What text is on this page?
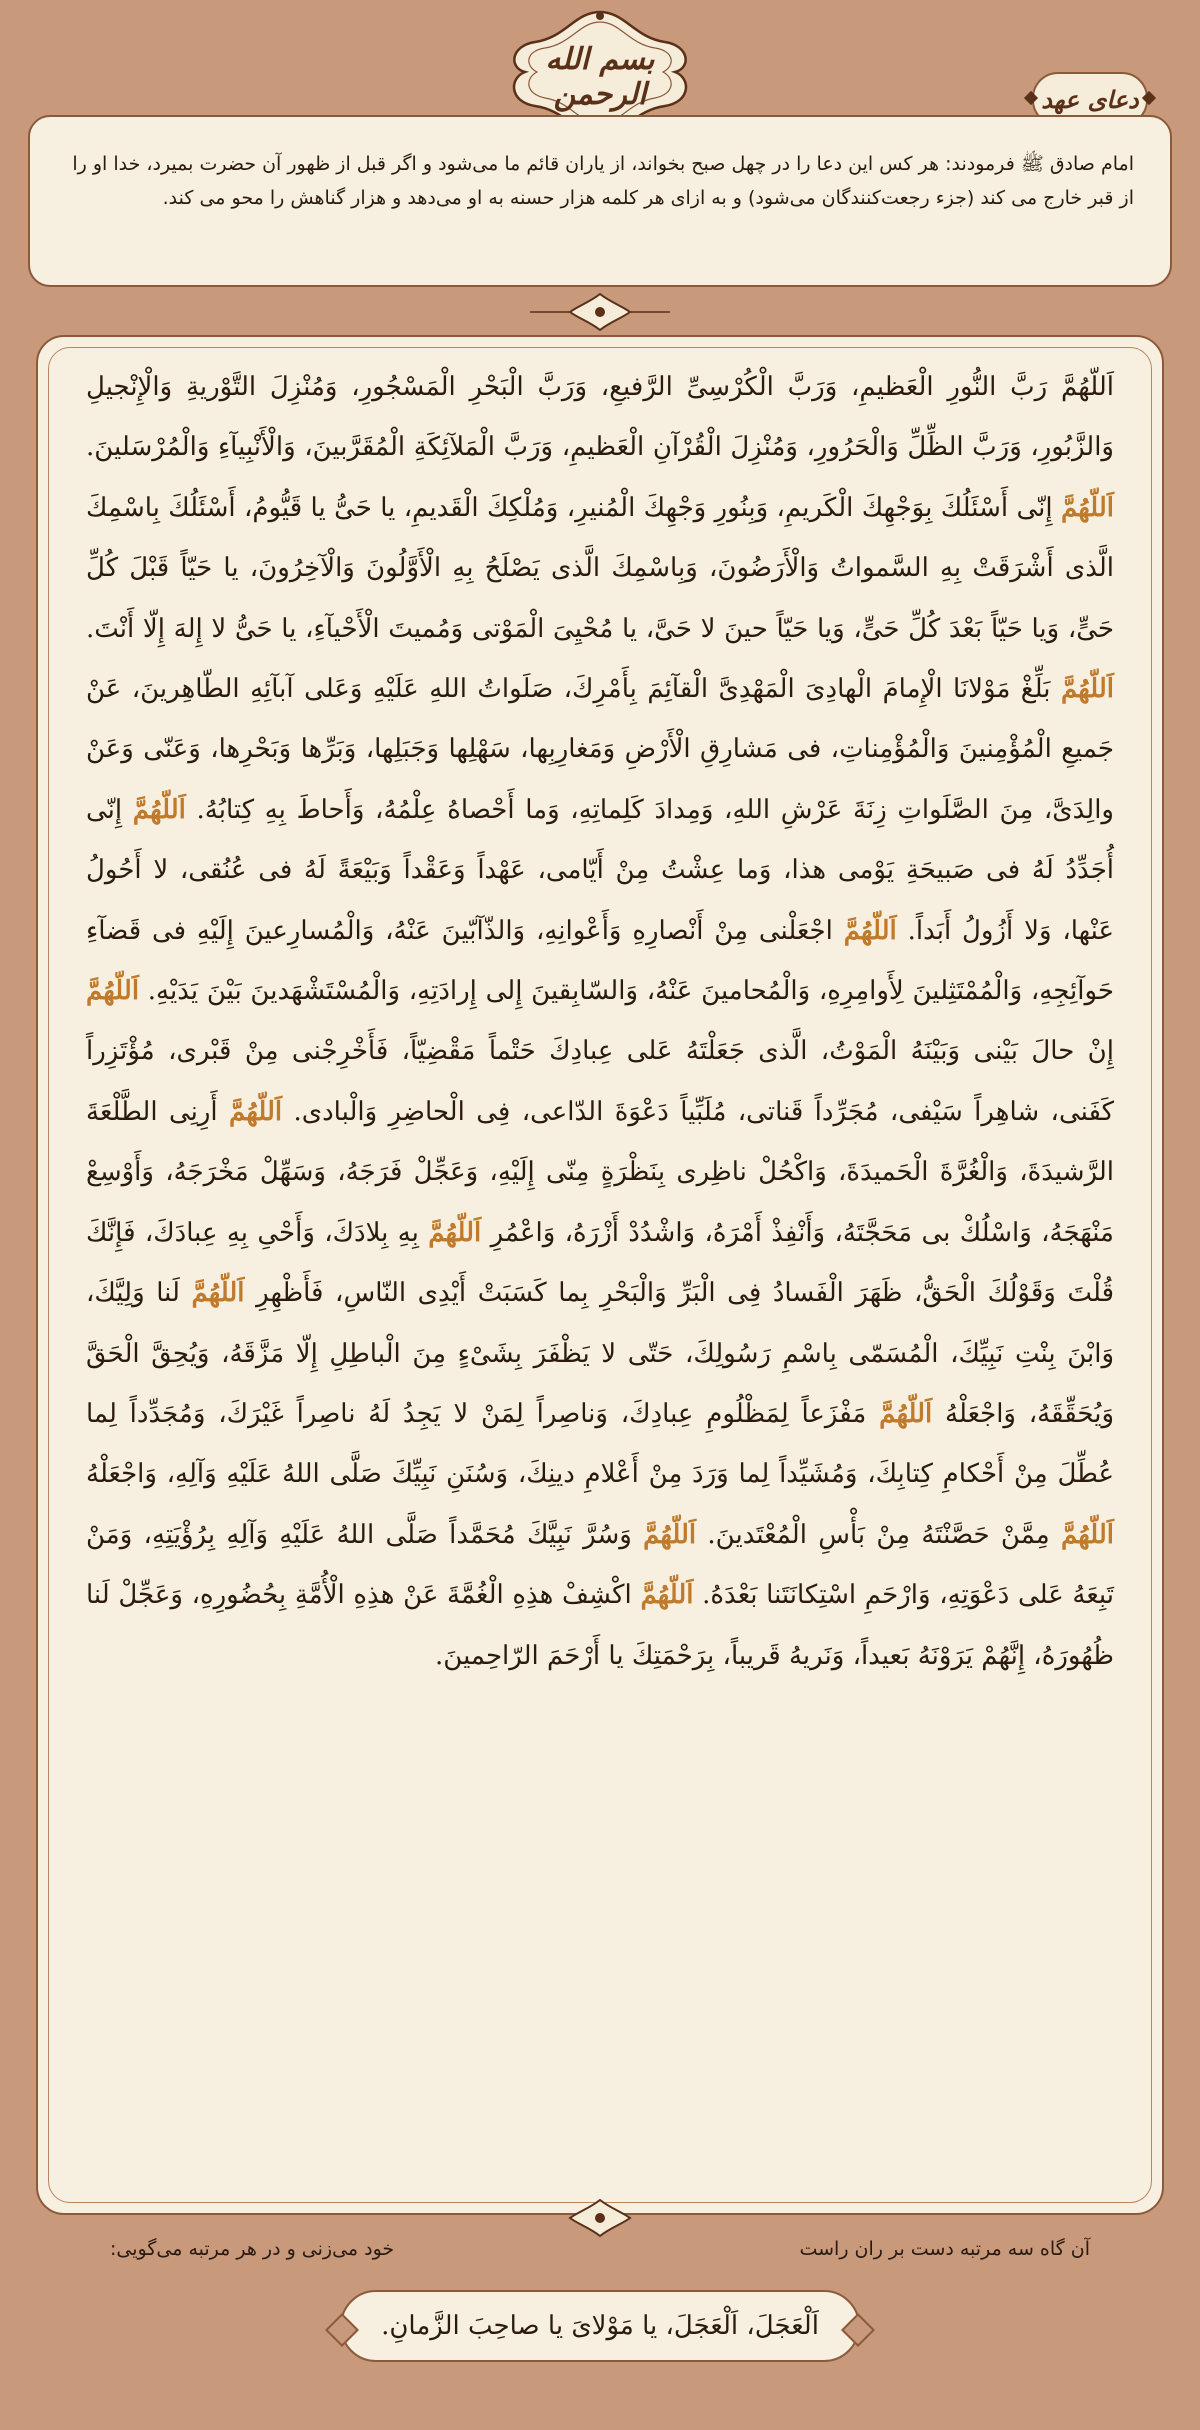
بسم الله الرحمن	دعای عهد

امام صادق ﷺ فرمودند: هر کس این دعا را در چهل صبح بخواند، از یاران قائم ما می‌شود و اگر قبل از ظهور آن حضرت بمیرد، خدا او را از قبر خارج می کند (جزء رجعت‌کنندگان می‌شود) و به ازای هر کلمه هزار حسنه به او می‌دهد و هزار گناهش را محو می کند.

اَللّهُمَّ رَبَّ النُّورِ الْعَظیمِ، وَرَبَّ الْكُرْسِیِّ الرَّفیعِ، وَرَبَّ الْبَحْرِ الْمَسْجُورِ، وَمُنْزِلَ التَّوْریةِ وَالْإِنْجیلِ وَالزَّبُورِ، وَرَبَّ الظِّلِّ وَالْحَرُورِ، وَمُنْزِلَ الْقُرْآنِ الْعَظیمِ، وَرَبَّ الْمَلآئِكَةِ الْمُقَرَّبینَ، وَالْأَنْبِیآءِ وَالْمُرْسَلینَ. اَللّهُمَّ إِنّی أَسْئَلُكَ بِوَجْهِكَ الْكَریمِ، وَبِنُورِ وَجْهِكَ الْمُنیرِ، وَمُلْكِكَ الْقَدیمِ، یا حَیُّ یا قَیُّومُ، أَسْئَلُكَ بِاسْمِكَ الَّذی أَشْرَقَتْ بِهِ السَّمواتُ وَالْأَرَضُونَ، وَبِاسْمِكَ الَّذی یَصْلَحُ بِهِ الْأَوَّلُونَ وَالْآخِرُونَ، یا حَیّاً قَبْلَ كُلِّ حَیٍّ، وَیا حَیّاً بَعْدَ كُلِّ حَیٍّ، وَیا حَیّاً حینَ لا حَیَّ، یا مُحْیِیَ الْمَوْتی وَمُمیتَ الْأَحْیآءِ، یا حَیُّ لا إِلهَ إِلّا أَنْتَ. اَللّهُمَّ بَلِّغْ مَوْلانَا الْإِمامَ الْهادِیَ الْمَهْدِیَّ الْقآئِمَ بِأَمْرِكَ، صَلَواتُ اللهِ عَلَیْهِ وَعَلی آبآئِهِ الطّاهِرینَ، عَنْ جَمیعِ الْمُؤْمِنینَ وَالْمُؤْمِناتِ، فی مَشارِقِ الْأَرْضِ وَمَغارِبِها، سَهْلِها وَجَبَلِها، وَبَرِّها وَبَحْرِها، وَعَنّی وَعَنْ والِدَیَّ، مِنَ الصَّلَواتِ زِنَةَ عَرْشِ اللهِ، وَمِدادَ كَلِماتِهِ، وَما أَحْصاهُ عِلْمُهُ، وَأَحاطَ بِهِ كِتابُهُ. اَللّهُمَّ إِنّی أُجَدِّدُ لَهُ فی صَبیحَةِ یَوْمی هذا، وَما عِشْتُ مِنْ أَیّامی، عَهْداً وَعَقْداً وَبَیْعَةً لَهُ فی عُنُقی، لا أَحُولُ عَنْها، وَلا أَزُولُ أَبَداً. اَللّهُمَّ اجْعَلْنی مِنْ أَنْصارِهِ وَأَعْوانِهِ، وَالذّآبّینَ عَنْهُ، وَالْمُسارِعینَ إِلَیْهِ فی قَضآءِ حَوآئِجِهِ، وَالْمُمْتَثِلینَ لِأَوامِرِهِ، وَالْمُحامینَ عَنْهُ، وَالسّابِقینَ إِلی إِرادَتِهِ، وَالْمُسْتَشْهَدینَ بَیْنَ یَدَیْهِ. اَللّهُمَّ إِنْ حالَ بَیْنی وَبَیْنَهُ الْمَوْتُ، الَّذی جَعَلْتَهُ عَلی عِبادِكَ حَتْماً مَقْضِیّاً، فَأَخْرِجْنی مِنْ قَبْری، مُؤْتَزِراً كَفَنی، شاهِراً سَیْفی، مُجَرِّداً قَناتی، مُلَبِّیاً دَعْوَةَ الدّاعی، فِی الْحاضِرِ وَالْبادی. اَللّهُمَّ أَرِنِی الطَّلْعَةَ الرَّشیدَةَ، وَالْغُرَّةَ الْحَمیدَةَ، وَاكْحُلْ ناظِری بِنَظْرَةٍ مِنّی إِلَیْهِ، وَعَجِّلْ فَرَجَهُ، وَسَهِّلْ مَخْرَجَهُ، وَأَوْسِعْ مَنْهَجَهُ، وَاسْلُكْ بی مَحَجَّتَهُ، وَأَنْفِذْ أَمْرَهُ، وَاشْدُدْ أَزْرَهُ، وَاعْمُرِ اَللّهُمَّ بِهِ بِلادَكَ، وَأَحْیِ بِهِ عِبادَكَ، فَإِنَّكَ قُلْتَ وَقَوْلُكَ الْحَقُّ، ظَهَرَ الْفَسادُ فِی الْبَرِّ وَالْبَحْرِ بِما كَسَبَتْ أَیْدِی النّاسِ، فَأَظْهِرِ اَللّهُمَّ لَنا وَلِیَّكَ، وَابْنَ بِنْتِ نَبِیِّكَ، الْمُسَمّی بِاسْمِ رَسُولِكَ، حَتّی لا یَظْفَرَ بِشَیْءٍ مِنَ الْباطِلِ إِلّا مَزَّقَهُ، وَیُحِقَّ الْحَقَّ وَیُحَقِّقَهُ، وَاجْعَلْهُ اَللّهُمَّ مَفْزَعاً لِمَظْلُومِ عِبادِكَ، وَناصِراً لِمَنْ لا یَجِدُ لَهُ ناصِراً غَیْرَكَ، وَمُجَدِّداً لِما عُطِّلَ مِنْ أَحْكامِ كِتابِكَ، وَمُشَیِّداً لِما وَرَدَ مِنْ أَعْلامِ دینِكَ، وَسُنَنِ نَبِیِّكَ صَلَّی اللهُ عَلَیْهِ وَآلِهِ، وَاجْعَلْهُ اَللّهُمَّ مِمَّنْ حَصَّنْتَهُ مِنْ بَأْسِ الْمُعْتَدینَ. اَللّهُمَّ وَسُرَّ نَبِیَّكَ مُحَمَّداً صَلَّی اللهُ عَلَیْهِ وَآلِهِ بِرُؤْیَتِهِ، وَمَنْ تَبِعَهُ عَلی دَعْوَتِهِ، وَارْحَمِ اسْتِكانَتَنا بَعْدَهُ. اَللّهُمَّ اكْشِفْ هذِهِ الْغُمَّةَ عَنْ هذِهِ الْأُمَّةِ بِحُضُورِهِ، وَعَجِّلْ لَنا ظُهُورَهُ، إِنَّهُمْ یَرَوْنَهُ بَعیداً، وَنَریهُ قَریباً، بِرَحْمَتِكَ یا أَرْحَمَ الرّاحِمینَ.
آن گاه سه مرتبه دست بر ران راست
خود می‌زنی و در هر مرتبه می‌گویی:
اَلْعَجَلَ، اَلْعَجَلَ، یا مَوْلایَ یا صاحِبَ الزَّمانِ.
